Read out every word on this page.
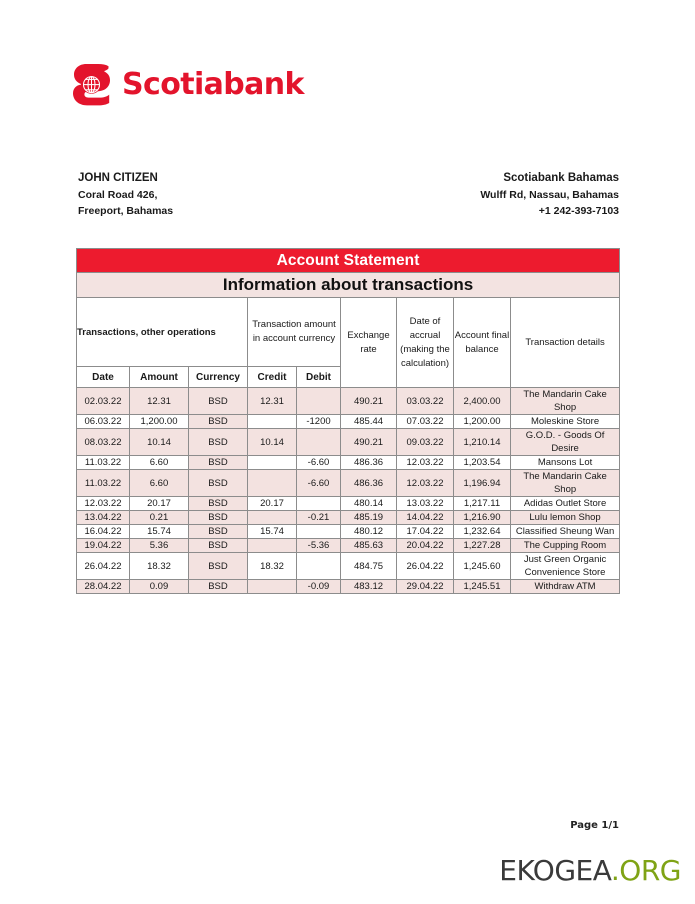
Scotiabank
JOHN CITIZEN
Coral Road 426,
Freeport, Bahamas
Scotiabank Bahamas
Wulff Rd, Nassau, Bahamas
+1 242-393-7103
Account Statement								
Information about transactions								
Transactions, other operations			Transaction amount in account currency		Exchange rate	Date of accrual (making the calculation)	Account final balance	Transaction details
Date	Amount	Currency	Credit	Debit				
02.03.22	12.31	BSD	12.31		490.21	03.03.22	2,400.00	The Mandarin Cake Shop
06.03.22	1,200.00	BSD		-1200	485.44	07.03.22	1,200.00	Moleskine Store
08.03.22	10.14	BSD	10.14		490.21	09.03.22	1,210.14	G.O.D. - Goods Of Desire
11.03.22	6.60	BSD		-6.60	486.36	12.03.22	1,203.54	Mansons Lot
11.03.22	6.60	BSD		-6.60	486.36	12.03.22	1,196.94	The Mandarin Cake Shop
12.03.22	20.17	BSD	20.17		480.14	13.03.22	1,217.11	Adidas Outlet Store
13.04.22	0.21	BSD		-0.21	485.19	14.04.22	1,216.90	Lulu lemon Shop
16.04.22	15.74	BSD	15.74		480.12	17.04.22	1,232.64	Classified Sheung Wan
19.04.22	5.36	BSD		-5.36	485.63	20.04.22	1,227.28	The Cupping Room
26.04.22	18.32	BSD	18.32		484.75	26.04.22	1,245.60	Just Green Organic Convenience Store
28.04.22	0.09	BSD		-0.09	483.12	29.04.22	1,245.51	Withdraw ATM
Page 1/1
EKOGEA.ORG
